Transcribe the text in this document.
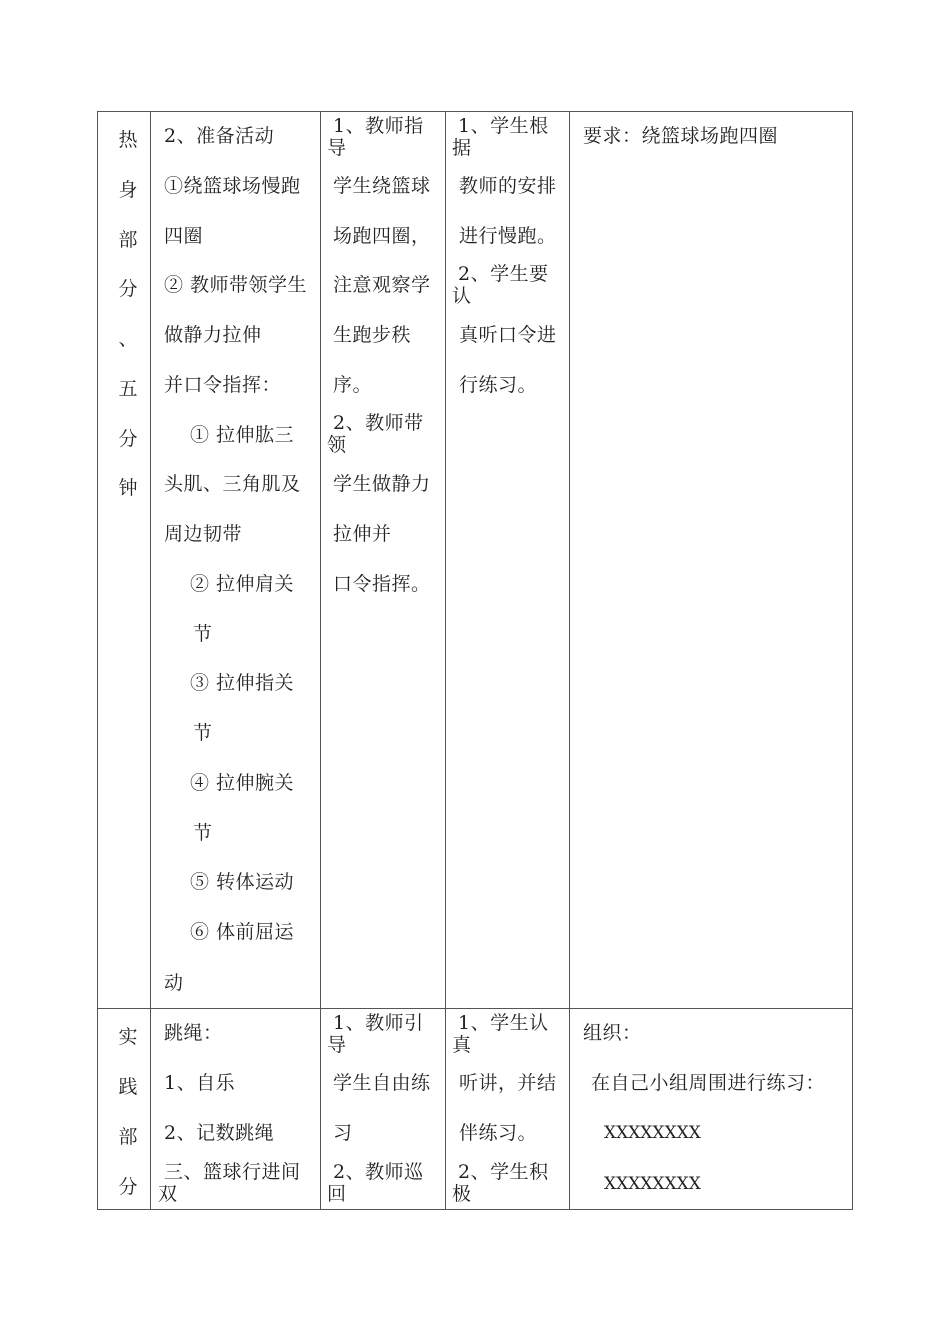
热
身
部
分
、
五
分
钟
2、准备活动
①绕篮球场慢跑
四圈
② 教师带领学生
做静力拉伸
并口令指挥：
① 拉伸肱三
头肌、三角肌及
周边韧带
② 拉伸肩关
节
③ 拉伸指关
节
④ 拉伸腕关
节
⑤ 转体运动
⑥ 体前屈运
动
1、教师指
导
学生绕篮球
场跑四圈，
注意观察学
生跑步秩
序。
2、教师带
领
学生做静力
拉伸并
口令指挥。
1、学生根
据
教师的安排
进行慢跑。
2、学生要
认
真听口令进
行练习。
要求：绕篮球场跑四圈
实
践
部
分
跳绳：
1、自乐
2、记数跳绳
三、篮球行进间
双
1、教师引
导
学生自由练
习
2、教师巡
回
1、学生认
真
听讲，并结
伴练习。
2、学生积
极
组织：
在自己小组周围进行练习：
XXXXXXXX
XXXXXXXX
